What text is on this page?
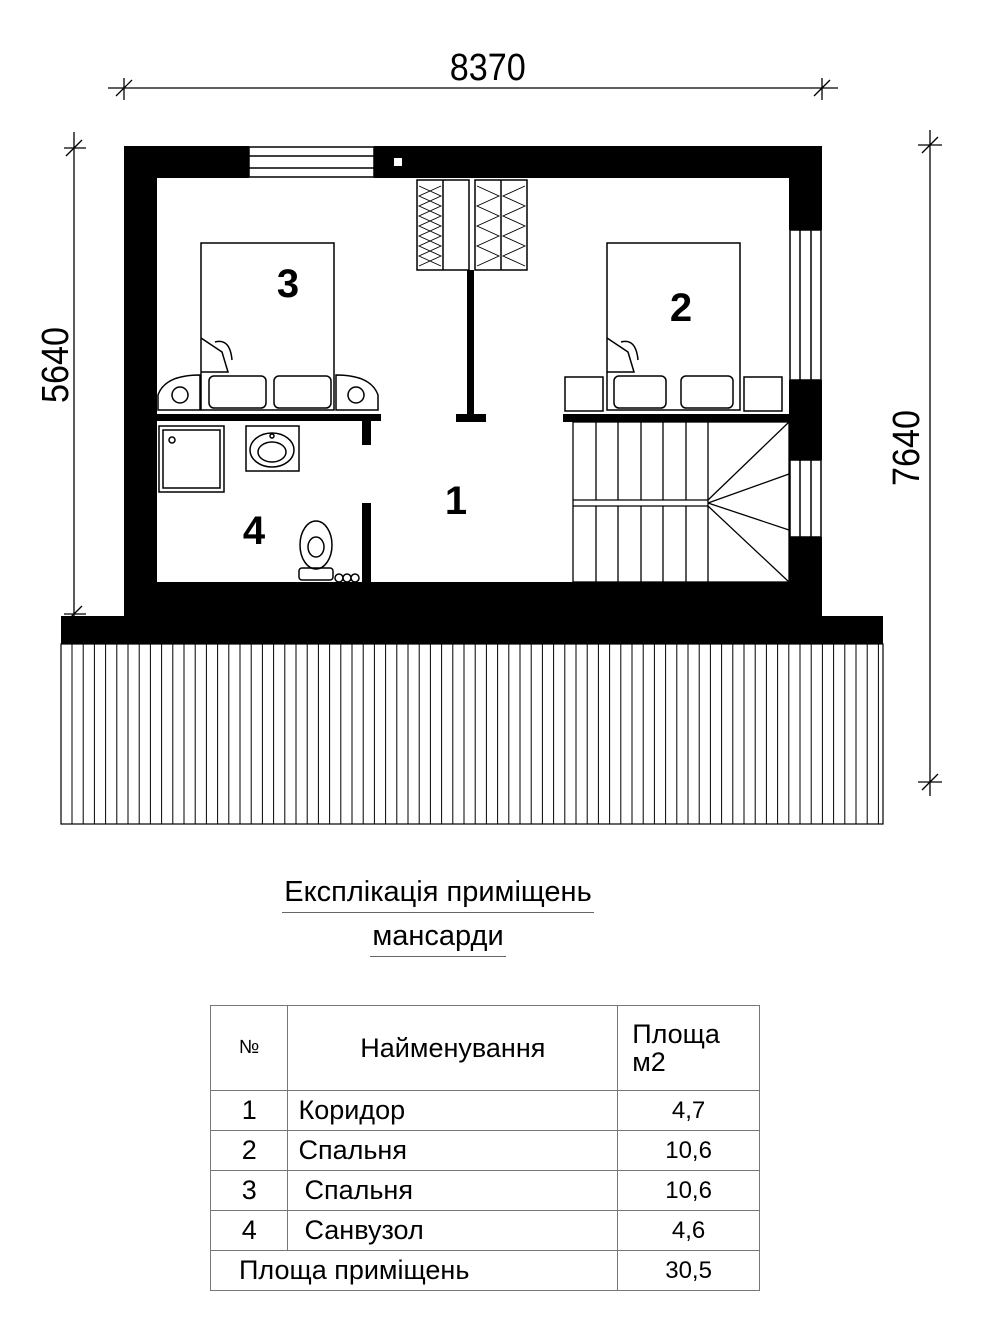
8370
5640
7640
1
2
3
4
Експлікація приміщень
мансарди
№	Найменування	Площа
м2
1	Коридор	4,7
2	Спальня	10,6
3	Спальня	10,6
4	Санвузол	4,6
Площа приміщень		30,5
